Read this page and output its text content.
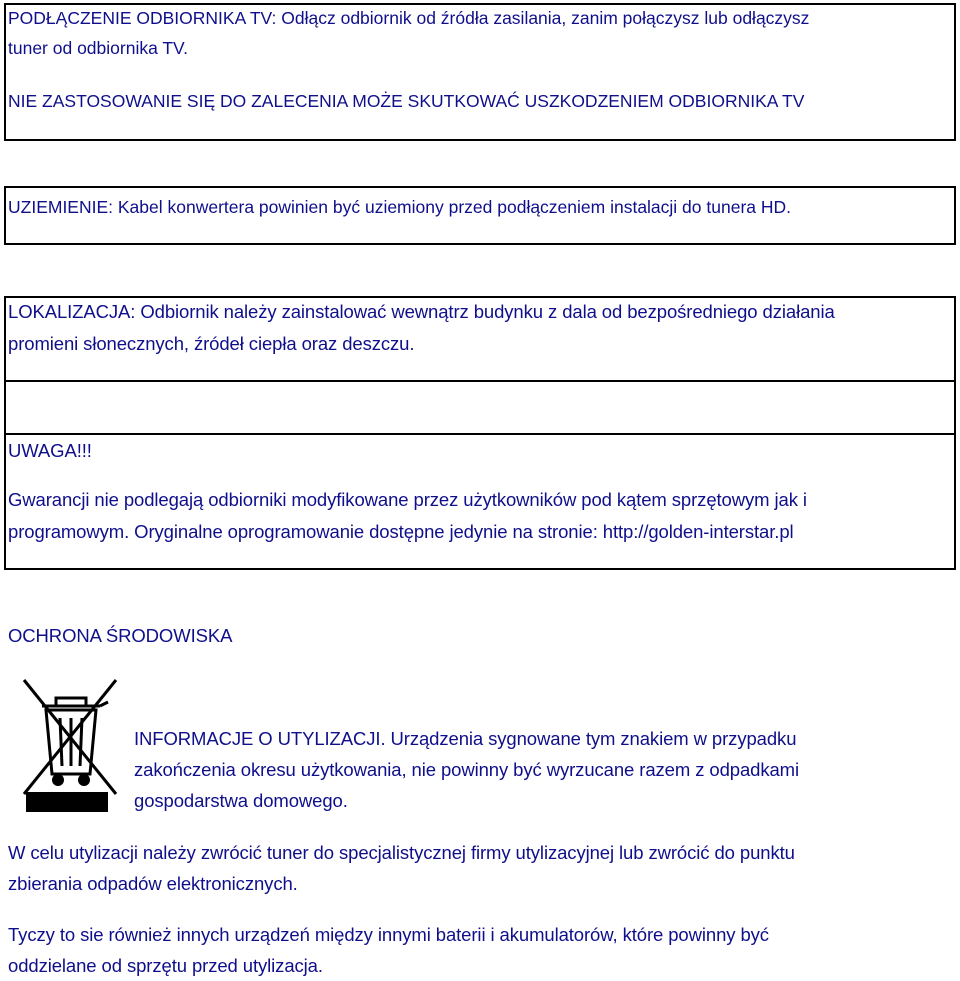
PODŁĄCZENIE ODBIORNIKA TV: Odłącz odbiornik od źródła zasilania, zanim połączysz lub odłączysz

tuner od odbiornika TV.

NIE ZASTOSOWANIE SIĘ DO ZALECENIA MOŻE SKUTKOWAĆ USZKODZENIEM ODBIORNIKA TV

UZIEMIENIE: Kabel konwertera powinien być uziemiony przed podłączeniem instalacji do tunera HD.

LOKALIZACJA: Odbiornik należy zainstalować wewnątrz budynku z dala od bezpośredniego działania

promieni słonecznych, źródeł ciepła oraz deszczu.

UWAGA!!!

Gwarancji nie podlegają odbiorniki modyfikowane przez użytkowników pod kątem sprzętowym jak i

programowym. Oryginalne oprogramowanie dostępne jedynie na stronie: http://golden-interstar.pl

OCHRONA ŚRODOWISKA

INFORMACJE O UTYLIZACJI. Urządzenia sygnowane tym znakiem w przypadku

zakończenia okresu użytkowania, nie powinny być wyrzucane razem z odpadkami

gospodarstwa domowego.

W celu utylizacji należy zwrócić tuner do specjalistycznej firmy utylizacyjnej lub zwrócić do punktu

zbierania odpadów elektronicznych.

Tyczy to sie również innych urządzeń między innymi baterii i akumulatorów, które powinny być

oddzielane od sprzętu przed utylizacja.
